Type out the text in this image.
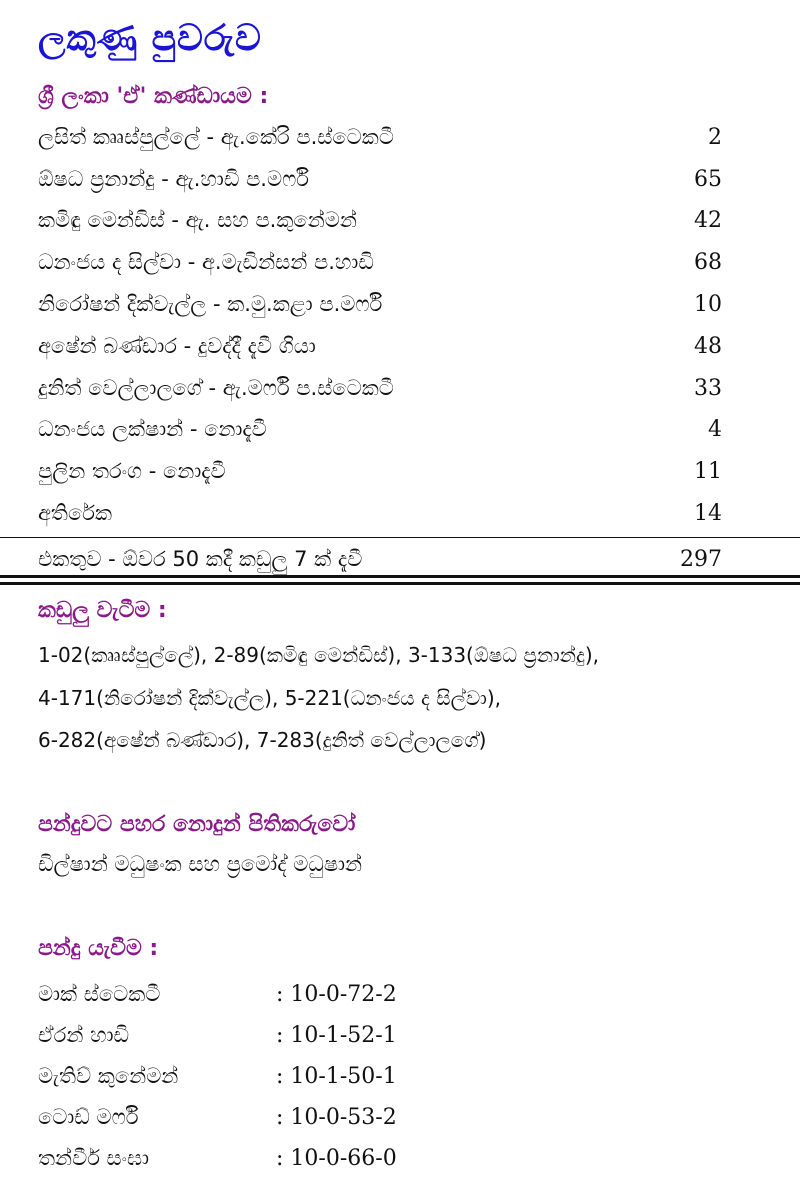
ලකුණු පුවරුව
ශ්‍රී ලංකා 'ඒ' කණ්ඩායම :
ලසිත් කෲස්පුල්ලේ - ඇ.කේරි ප.ස්ටෙකටී	2
ඕෂධ ප්‍රනාන්දු - ඇ.හාඩි ප.මර්ෆි	65
කමිඳු මෙන්ඩිස් - ඇ. සහ ප.කුනේමන්	42
ධනංජය ද සිල්වා - අ.මැඩින්සන් ප.හාඩි	68
නිරෝෂන් දික්වැල්ල - ක.මු.කළා ප.මර්ෆි	10
අෂේන් බණ්ඩාර - දුවද්දී දැවී ගියා	48
දුනිත් වෙල්ලාලගේ - ඇ.මර්ෆි ප.ස්ටෙකටී	33
ධනංජය ලක්ෂාන් - නොදැවී	4
පුලින තරංග - නොදැවී	11
අතිරේක	14
එකතුව - ඕවර 50 කදී කඩුලු 7 ක් දැවී	297
කඩුලු වැටීම :
1-02(කෲස්පුල්ලේ), 2-89(කමිඳු මෙන්ඩිස්), 3-133(ඕෂධ ප්‍රනාන්දු),
4-171(නිරෝෂන් දික්වැල්ල), 5-221(ධනංජය ද සිල්වා),
6-282(අෂේන් බණ්ඩාර), 7-283(දුනිත් වෙල්ලාලගේ)
පන්දුවට පහර නොදුන් පිතිකරුවෝ
ඩිල්ෂාන් මධුෂංක සහ ප්‍රමෝද් මධුෂාන්
පන්දු යැවීම :
මාක් ස්ටෙකටී	: 10-0-72-2
ඒරන් හාඩි	: 10-1-52-1
මැතිව් කුනේමන්	: 10-1-50-1
ටොඩ් මර්ෆි	: 10-0-53-2
තන්වීර් සංඝා	: 10-0-66-0
